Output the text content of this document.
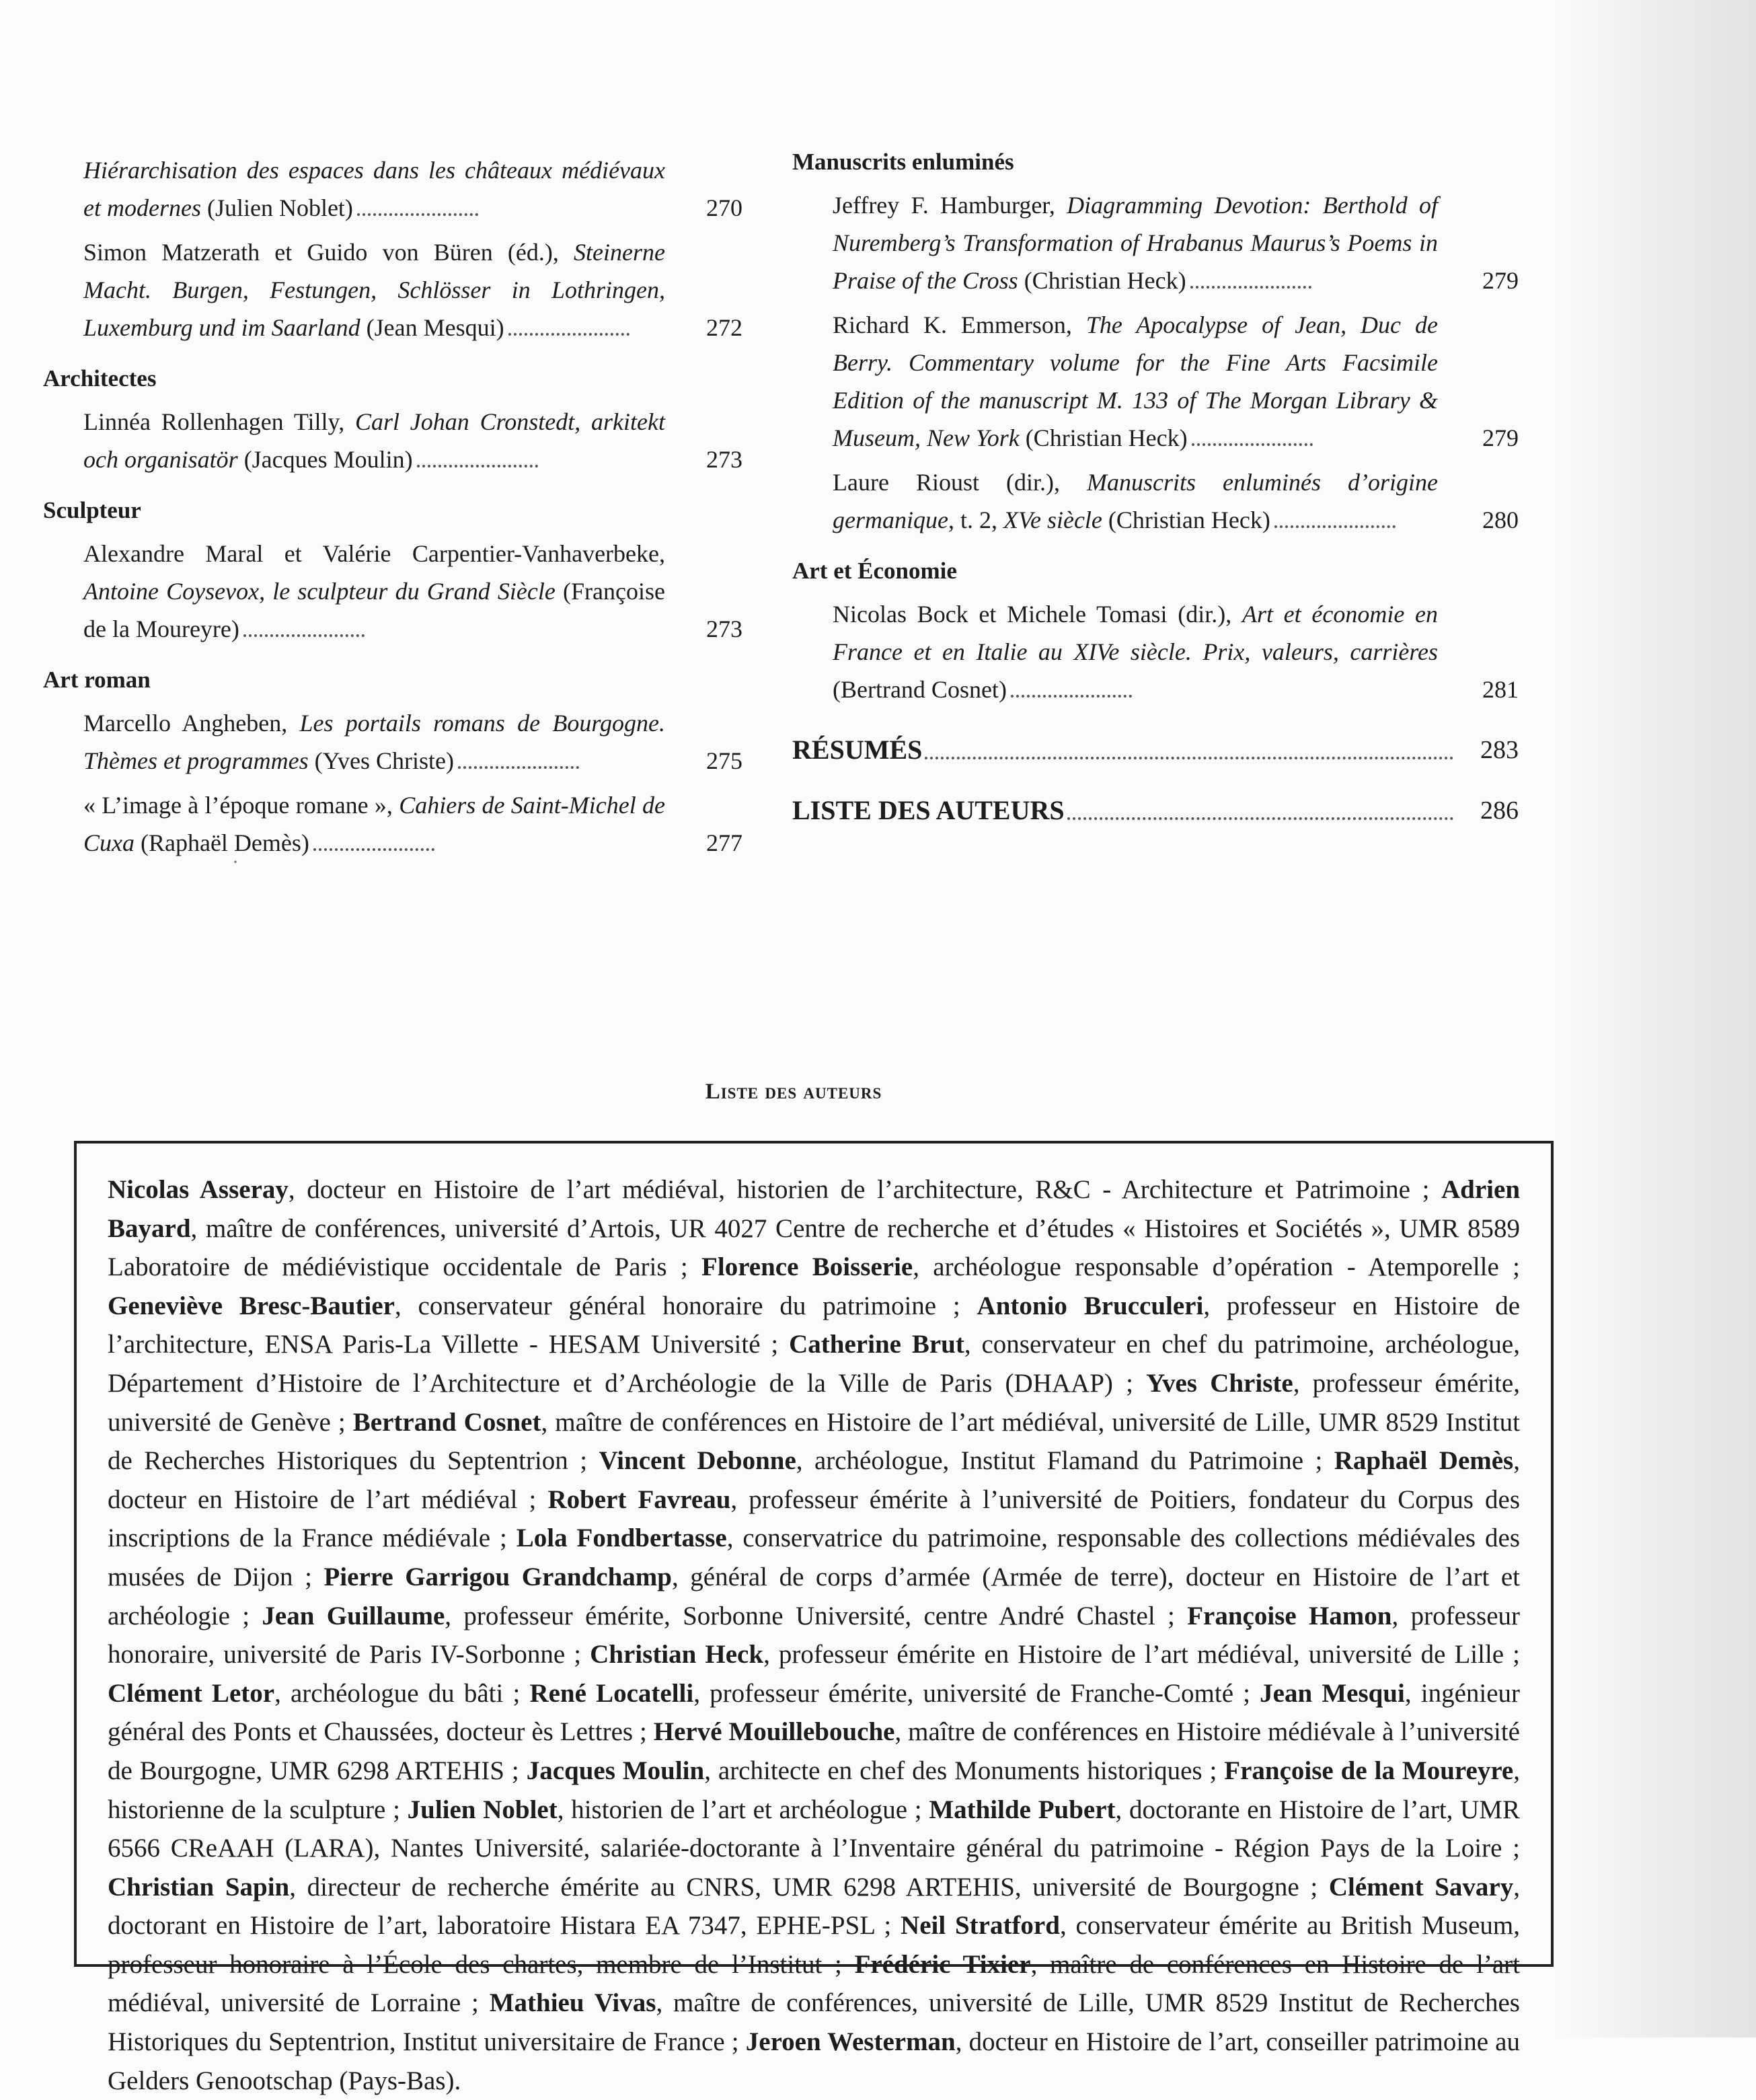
Hiérarchisation des espaces dans les châteaux médiévaux et modernes (Julien Noblet)	270
Simon Matzerath et Guido von Büren (éd.), Steinerne Macht. Burgen, Festungen, Schlösser in Lothringen, Luxemburg und im Saarland (Jean Mesqui)	272
Architectes
Linnéa Rollenhagen Tilly, Carl Johan Cronstedt, arkitekt och organisatör (Jacques Moulin)	273
Sculpteur
Alexandre Maral et Valérie Carpentier-Vanhaverbeke, Antoine Coysevox, le sculpteur du Grand Siècle (Françoise de la Moureyre)	273
Art roman
Marcello Angheben, Les portails romans de Bourgogne. Thèmes et programmes (Yves Christe)	275
« L’image à l’époque romane », Cahiers de Saint-Michel de Cuxa (Raphaël Demès)	277
Manuscrits enluminés
Jeffrey F. Hamburger, Diagramming Devotion: Berthold of Nuremberg’s Transformation of Hrabanus Maurus’s Poems in Praise of the Cross (Christian Heck)	279
Richard K. Emmerson, The Apocalypse of Jean, Duc de Berry. Commentary volume for the Fine Arts Facsimile Edition of the manuscript M. 133 of The Morgan Library & Museum, New York (Christian Heck)	279
Laure Rioust (dir.), Manuscrits enluminés d’origine germanique, t. 2, XVe siècle (Christian Heck)	280
Art et Économie
Nicolas Bock et Michele Tomasi (dir.), Art et économie en France et en Italie au XIVe siècle. Prix, valeurs, carrières (Bertrand Cosnet)	281
RÉSUMÉS	283
LISTE DES AUTEURS	286
Liste des auteurs
Nicolas Asseray, docteur en Histoire de l’art médiéval, historien de l’architecture, R&C - Architecture et Patrimoine ; Adrien Bayard, maître de conférences, université d’Artois, UR 4027 Centre de recherche et d’études « Histoires et Sociétés », UMR 8589 Laboratoire de médiévistique occidentale de Paris ; Florence Boisserie, archéologue responsable d’opération - Atemporelle ; Geneviève Bresc-Bautier, conservateur général honoraire du patrimoine ; Antonio Brucculeri, professeur en Histoire de l’architecture, ENSA Paris-La Villette - HESAM Université ; Catherine Brut, conservateur en chef du patrimoine, archéologue, Département d’Histoire de l’Architecture et d’Archéologie de la Ville de Paris (DHAAP) ; Yves Christe, professeur émérite, université de Genève ; Bertrand Cosnet, maître de conférences en Histoire de l’art médiéval, université de Lille, UMR 8529 Institut de Recherches Historiques du Septentrion ; Vincent Debonne, archéologue, Institut Flamand du Patrimoine ; Raphaël Demès, docteur en Histoire de l’art médiéval ; Robert Favreau, professeur émérite à l’université de Poitiers, fondateur du Corpus des inscriptions de la France médiévale ; Lola Fondbertasse, conservatrice du patrimoine, responsable des collections médiévales des musées de Dijon ; Pierre Garrigou Grandchamp, général de corps d’armée (Armée de terre), docteur en Histoire de l’art et archéologie ; Jean Guillaume, professeur émérite, Sorbonne Université, centre André Chastel ; Françoise Hamon, professeur honoraire, université de Paris IV-Sorbonne ; Christian Heck, professeur émérite en Histoire de l’art médiéval, université de Lille ; Clément Letor, archéologue du bâti ; René Locatelli, professeur émérite, université de Franche-Comté ; Jean Mesqui, ingénieur général des Ponts et Chaussées, docteur ès Lettres ; Hervé Mouillebouche, maître de conférences en Histoire médiévale à l’université de Bourgogne, UMR 6298 ARTEHIS ; Jacques Moulin, architecte en chef des Monuments historiques ; Françoise de la Moureyre, historienne de la sculpture ; Julien Noblet, historien de l’art et archéologue ; Mathilde Pubert, doctorante en Histoire de l’art, UMR 6566 CReAAH (LARA), Nantes Université, salariée-doctorante à l’Inventaire général du patrimoine - Région Pays de la Loire ; Christian Sapin, directeur de recherche émérite au CNRS, UMR 6298 ARTEHIS, université de Bourgogne ; Clément Savary, doctorant en Histoire de l’art, laboratoire Histara EA 7347, EPHE-PSL ; Neil Stratford, conservateur émérite au British Museum, professeur honoraire à l’École des chartes, membre de l’Institut ; Frédéric Tixier, maître de conférences en Histoire de l’art médiéval, université de Lorraine ; Mathieu Vivas, maître de conférences, université de Lille, UMR 8529 Institut de Recherches Historiques du Septentrion, Institut universitaire de France ; Jeroen Westerman, docteur en Histoire de l’art, conseiller patrimoine au Gelders Genootschap (Pays-Bas).
·
